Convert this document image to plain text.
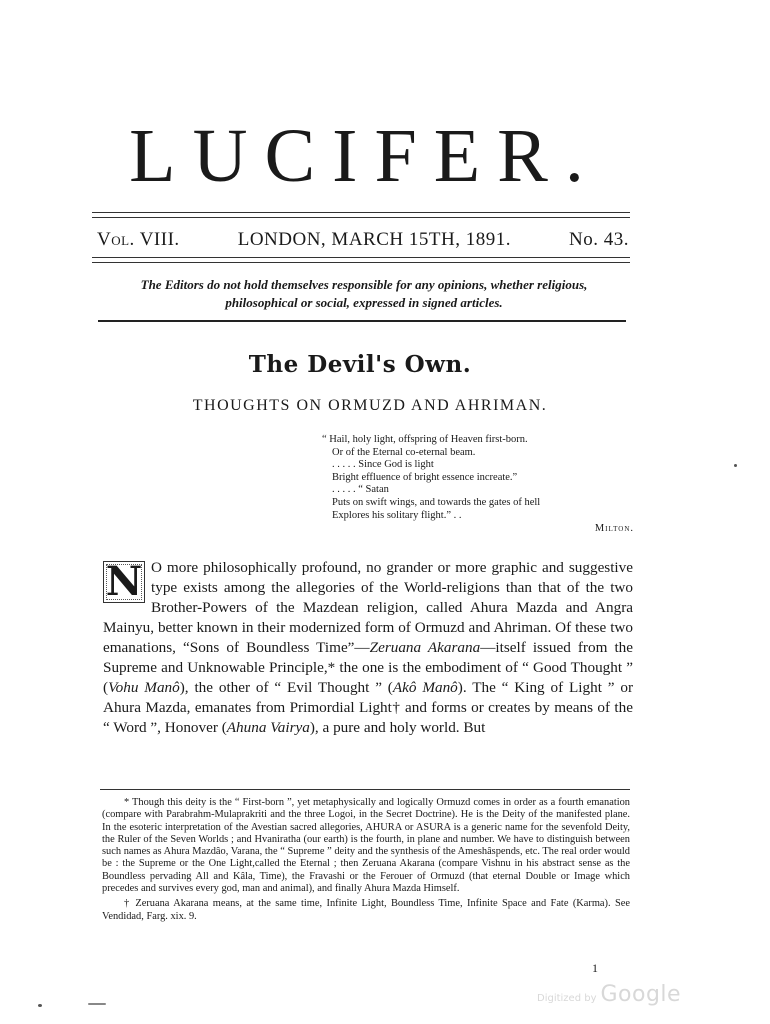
LUCIFER.
Vol. VIII.	LONDON, MARCH 15TH, 1891.	No. 43.
The Editors do not hold themselves responsible for any opinions, whether religious,
philosophical or social, expressed in signed articles.
The Devil's Own.
THOUGHTS ON ORMUZD AND AHRIMAN.
“ Hail, holy light, offspring of Heaven first-born.
Or of the Eternal co-eternal beam.
. . . . . Since God is light
Bright effluence of bright essence increate.”
. . . . . “ Satan
Puts on swift wings, and towards the gates of hell
Explores his solitary flight.” . .
Milton.

N O more philosophically profound, no grander or more graphic and suggestive type exists among the allegories of the World-religions than that of the two Brother-Powers of the Mazdean religion, called Ahura Mazda and Angra Mainyu, better known in their modernized form of Ormuzd and Ahriman. Of these two emanations, “Sons of Boundless Time”—Zeruana Akarana—itself issued from the Supreme and Unknowable Principle,* the one is the embodiment of “ Good Thought ” (Vohu Manô), the other of “ Evil Thought ” (Akô Manô). The “ King of Light ” or Ahura Mazda, emanates from Primordial Light† and forms or creates by means of the “ Word ”, Honover (Ahuna Vairya), a pure and holy world. But

* Though this deity is the “ First-born ”, yet metaphysically and logically Ormuzd comes in order as a fourth emanation (compare with Parabrahm-Mulaprakriti and the three Logoi, in the Secret Doctrine). He is the Deity of the manifested plane. In the esoteric interpretation of the Avestian sacred allegories, AHURA or ASURA is a generic name for the sevenfold Deity, the Ruler of the Seven Worlds ; and Hvaniratha (our earth) is the fourth, in plane and number. We have to distinguish between such names as Ahura Mazdâo, Varana, the “ Supreme ” deity and the synthesis of the Ameshâspends, etc. The real order would be : the Supreme or the One Light,called the Eternal ; then Zeruana Akarana (compare Vishnu in his abstract sense as the Boundless pervading All and Kâla, Time), the Fravashi or the Ferouer of Ormuzd (that eternal Double or Image which precedes and survives every god, man and animal), and finally Ahura Mazda Himself.

† Zeruana Akarana means, at the same time, Infinite Light, Boundless Time, Infinite Space and Fate (Karma). See Vendidad, Farg. xix. 9.

1
Digitized by Google
